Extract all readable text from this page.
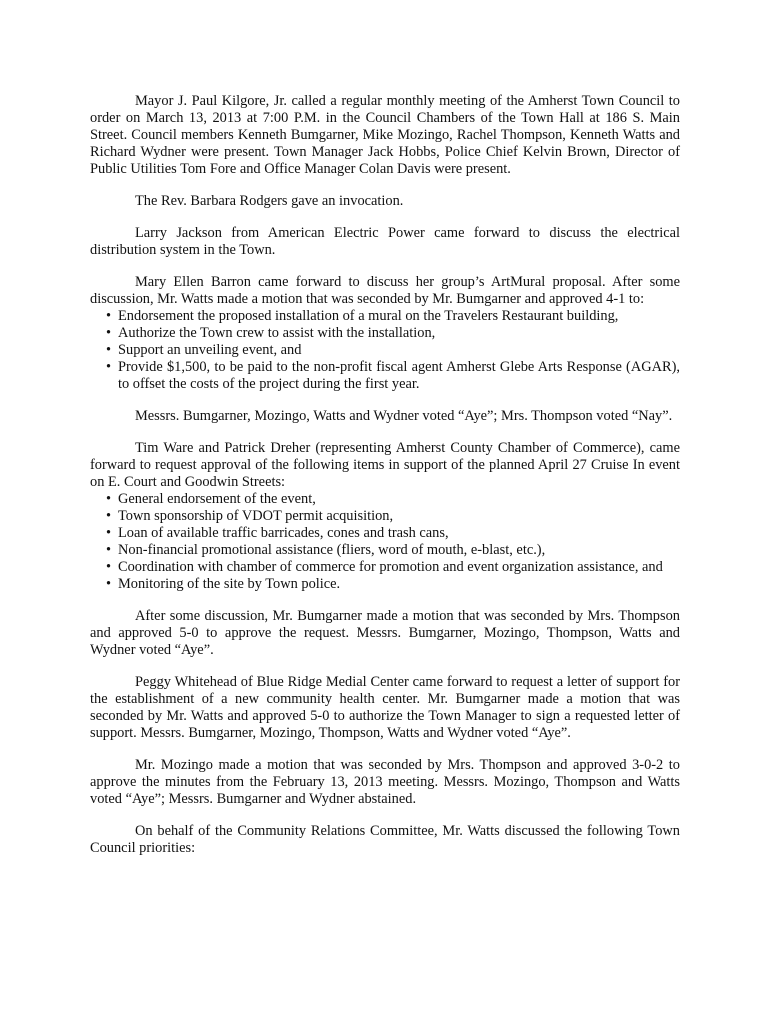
Mayor J. Paul Kilgore, Jr. called a regular monthly meeting of the Amherst Town Council to order on March 13, 2013 at 7:00 P.M. in the Council Chambers of the Town Hall at 186 S. Main Street. Council members Kenneth Bumgarner, Mike Mozingo, Rachel Thompson, Kenneth Watts and Richard Wydner were present. Town Manager Jack Hobbs, Police Chief Kelvin Brown, Director of Public Utilities Tom Fore and Office Manager Colan Davis were present.

The Rev. Barbara Rodgers gave an invocation.

Larry Jackson from American Electric Power came forward to discuss the electrical distribution system in the Town.

Mary Ellen Barron came forward to discuss her group’s ArtMural proposal. After some discussion, Mr. Watts made a motion that was seconded by Mr. Bumgarner and approved 4-1 to:

• Endorsement the proposed installation of a mural on the Travelers Restaurant building,
• Authorize the Town crew to assist with the installation,
• Support an unveiling event, and
• Provide $1,500, to be paid to the non-profit fiscal agent Amherst Glebe Arts Response (AGAR), to offset the costs of the project during the first year.

Messrs. Bumgarner, Mozingo, Watts and Wydner voted “Aye”; Mrs. Thompson voted “Nay”.

Tim Ware and Patrick Dreher (representing Amherst County Chamber of Commerce), came forward to request approval of the following items in support of the planned April 27 Cruise In event on E. Court and Goodwin Streets:

• General endorsement of the event,
• Town sponsorship of VDOT permit acquisition,
• Loan of available traffic barricades, cones and trash cans,
• Non-financial promotional assistance (fliers, word of mouth, e-blast, etc.),
• Coordination with chamber of commerce for promotion and event organization assistance, and
• Monitoring of the site by Town police.

After some discussion, Mr. Bumgarner made a motion that was seconded by Mrs. Thompson and approved 5-0 to approve the request. Messrs. Bumgarner, Mozingo, Thompson, Watts and Wydner voted “Aye”.

Peggy Whitehead of Blue Ridge Medial Center came forward to request a letter of support for the establishment of a new community health center. Mr. Bumgarner made a motion that was seconded by Mr. Watts and approved 5-0 to authorize the Town Manager to sign a requested letter of support. Messrs. Bumgarner, Mozingo, Thompson, Watts and Wydner voted “Aye”.

Mr. Mozingo made a motion that was seconded by Mrs. Thompson and approved 3-0-2 to approve the minutes from the February 13, 2013 meeting. Messrs. Mozingo, Thompson and Watts voted “Aye”; Messrs. Bumgarner and Wydner abstained.

On behalf of the Community Relations Committee, Mr. Watts discussed the following Town Council priorities:
